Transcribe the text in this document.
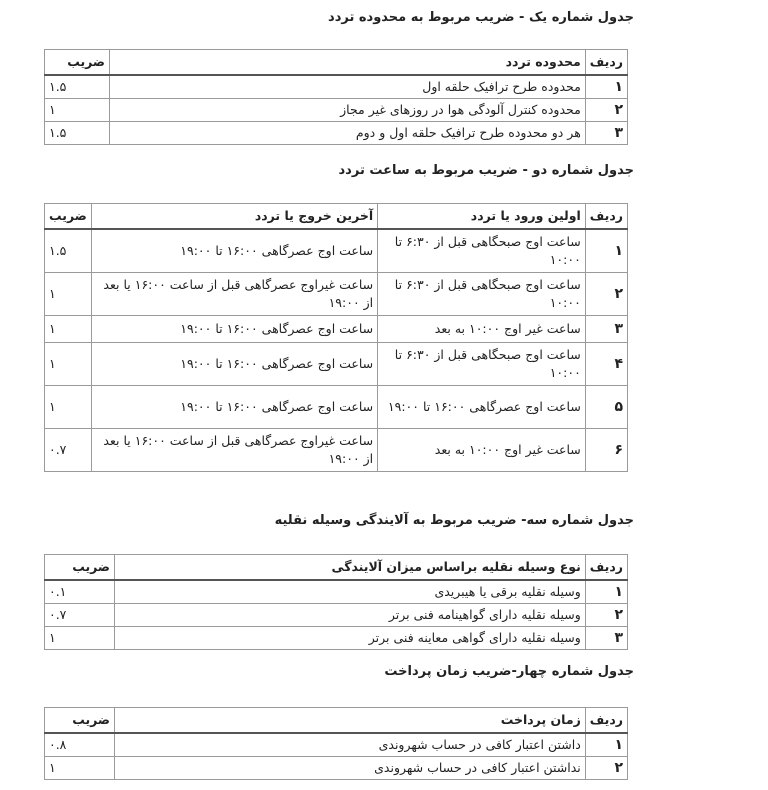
جدول شماره یک - ضریب مربوط به محدوده تردد
ردیف	محدوده تردد	ضریب
۱	محدوده طرح ترافیک حلقه اول	۱.۵
۲	محدوده کنترل آلودگی هوا در روزهای غیر مجاز	۱
۳	هر دو محدوده طرح ترافیک حلقه اول و دوم	۱.۵
جدول شماره دو - ضریب مربوط به ساعت تردد
ردیف	اولین ورود یا تردد	آخرین خروج یا تردد	ضریب
۱	ساعت اوج صبحگاهی قبل از ۶:۳۰ تا ۱۰:۰۰	ساعت اوج عصرگاهی ۱۶:۰۰ تا ۱۹:۰۰	۱.۵
۲	ساعت اوج صبحگاهی قبل از ۶:۳۰ تا ۱۰:۰۰	ساعت غیراوج عصرگاهی قبل از ساعت ۱۶:۰۰ یا بعد از ۱۹:۰۰	۱
۳	ساعت غیر اوج ۱۰:۰۰ به بعد	ساعت اوج عصرگاهی ۱۶:۰۰ تا ۱۹:۰۰	۱
۴	ساعت اوج صبحگاهی قبل از ۶:۳۰ تا ۱۰:۰۰	ساعت اوج عصرگاهی ۱۶:۰۰ تا ۱۹:۰۰	۱
۵	ساعت اوج عصرگاهی ۱۶:۰۰ تا ۱۹:۰۰	ساعت اوج عصرگاهی ۱۶:۰۰ تا ۱۹:۰۰	۱
۶	ساعت غیر اوج ۱۰:۰۰ به بعد	ساعت غیراوج عصرگاهی قبل از ساعت ۱۶:۰۰ یا بعد از ۱۹:۰۰	۰.۷
جدول شماره سه- ضریب مربوط به آلایندگی وسیله نقلیه
ردیف	نوع وسیله نقلیه براساس میزان آلایندگی	ضریب
۱	وسیله نقلیه برقی یا هیبریدی	۰.۱
۲	وسیله نقلیه دارای گواهینامه فنی برتر	۰.۷
۳	وسیله نقلیه دارای گواهی معاینه فنی برتر	۱
جدول شماره چهار-ضریب زمان پرداخت
ردیف	زمان پرداخت	ضریب
۱	داشتن اعتبار کافی در حساب شهروندی	۰.۸
۲	نداشتن اعتبار کافی در حساب شهروندی	۱
